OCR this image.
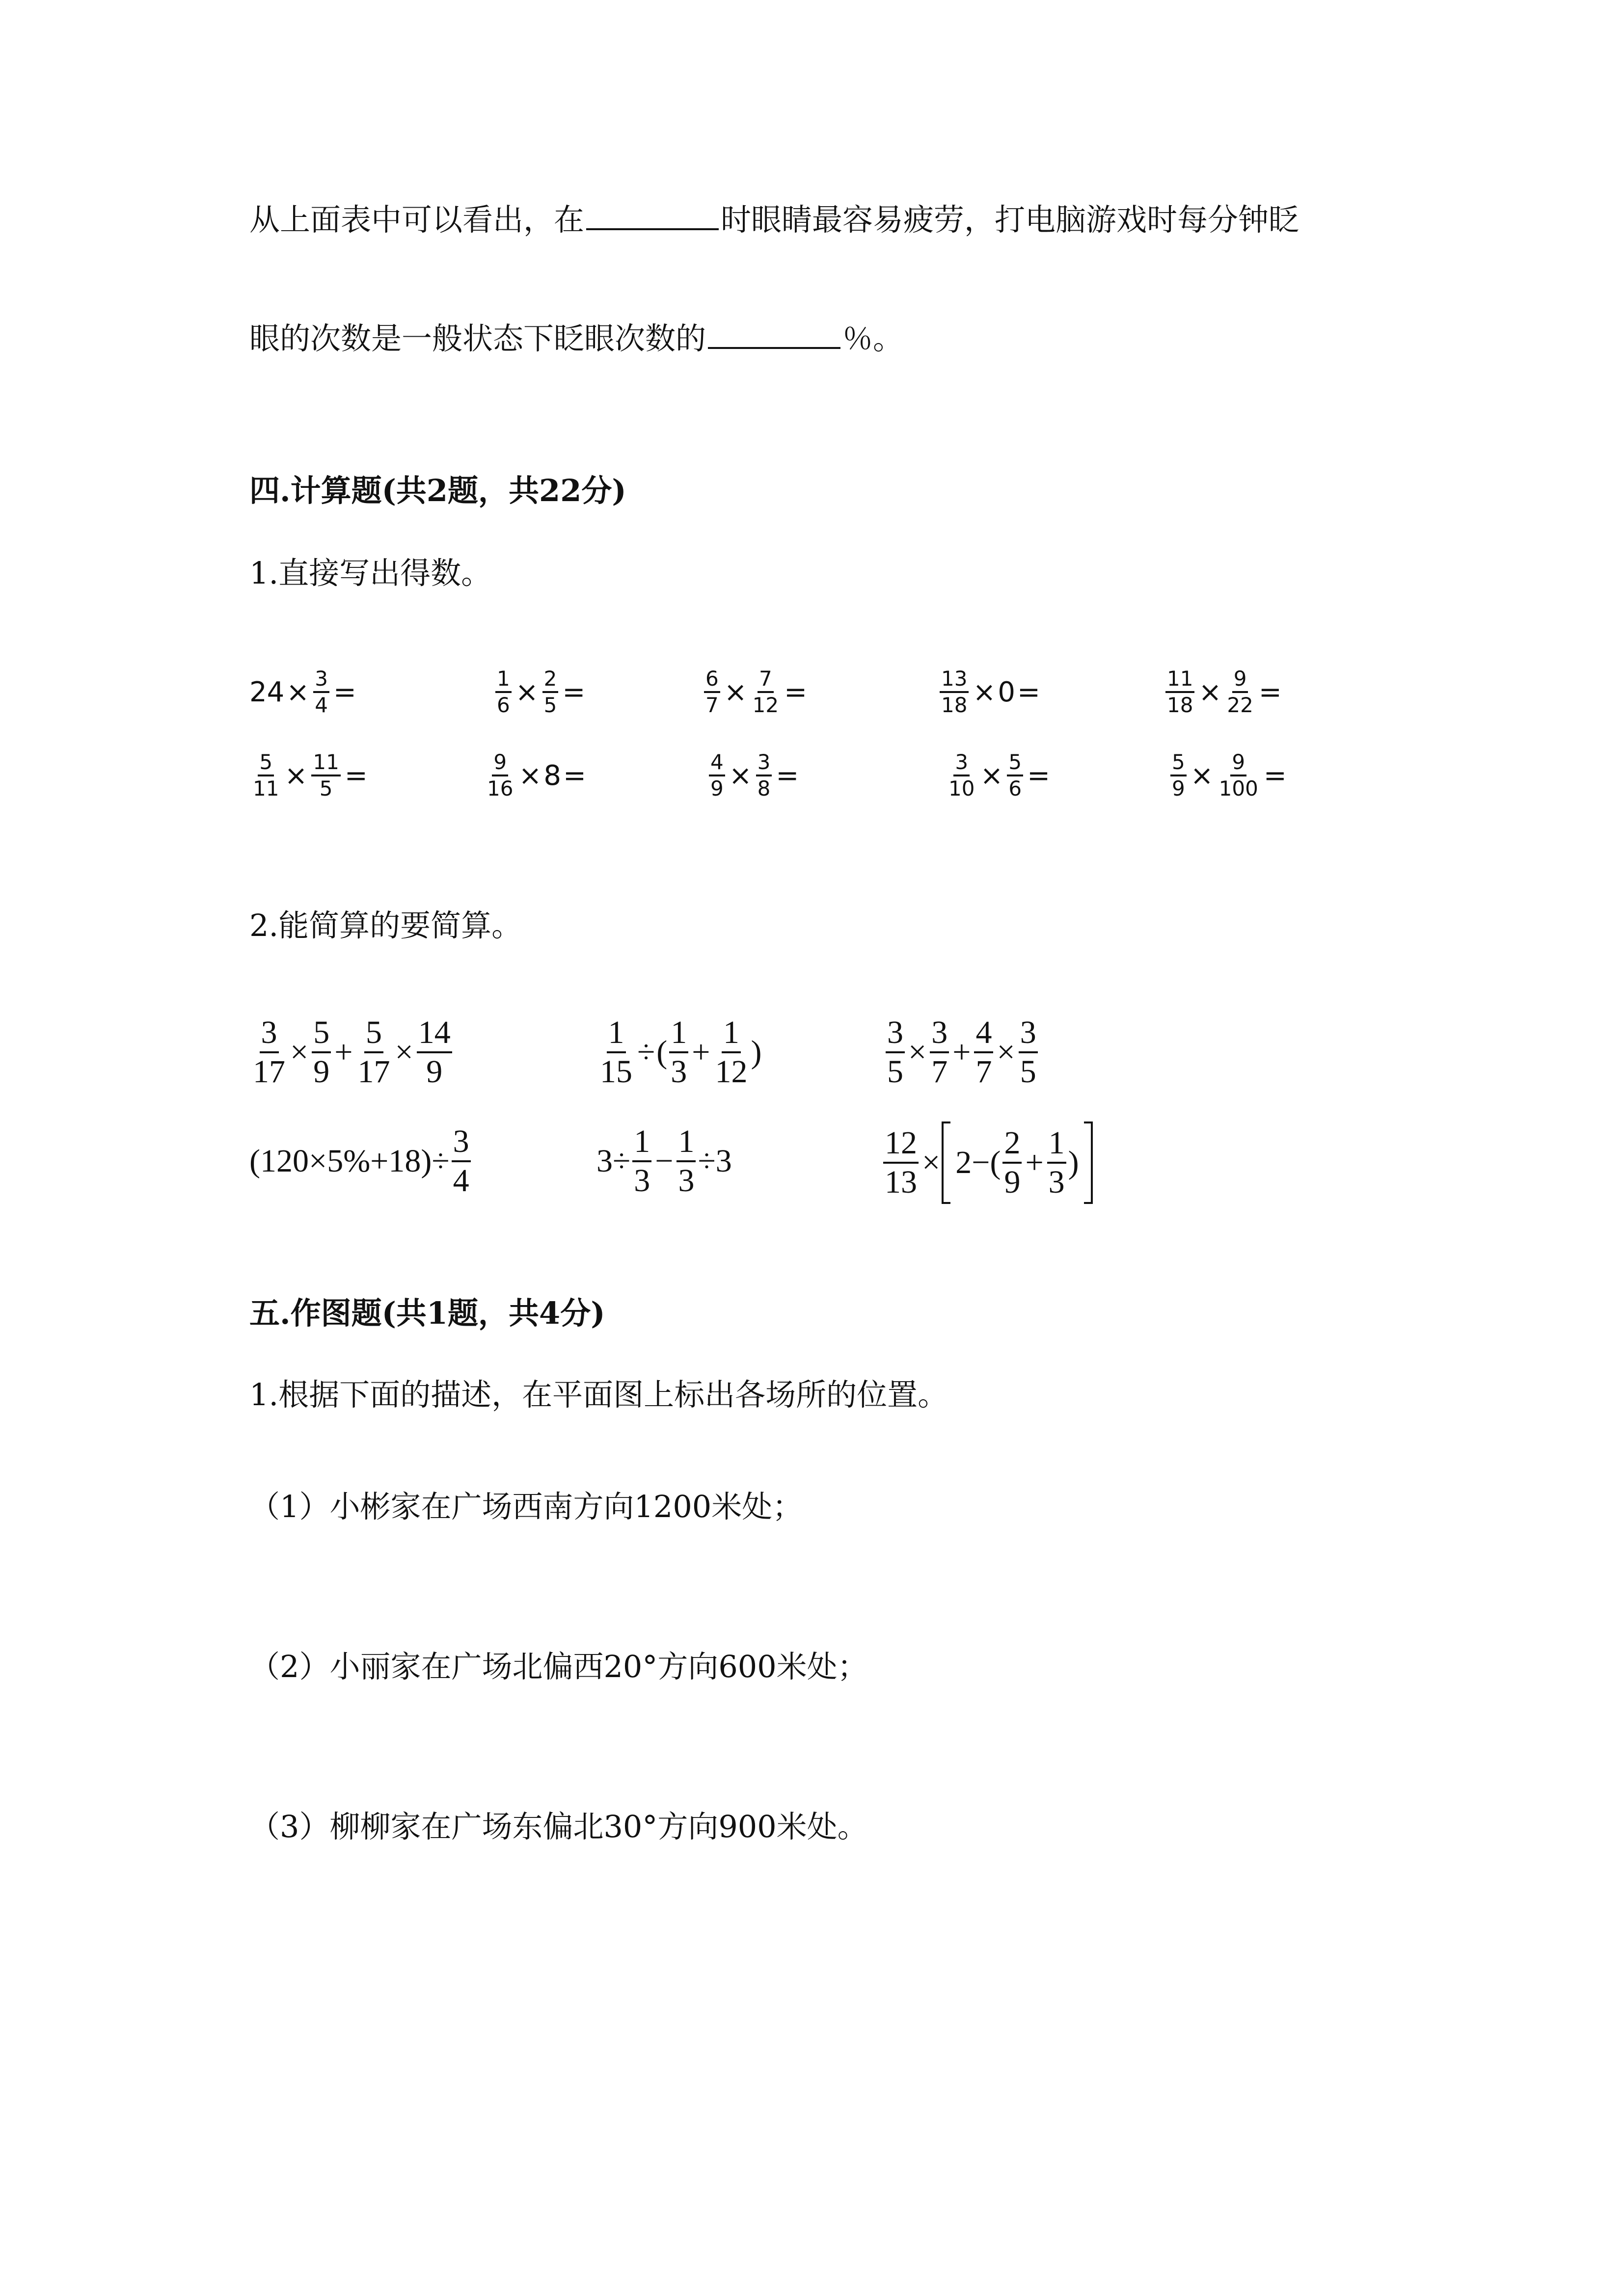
从上面表中可以看出，在	时眼睛最容易疲劳，打电脑游戏时每分钟眨
眼的次数是一般状态下眨眼次数的	％。
四.计算题(共2题，共22分)
1.直接写出得数。
$24 \times \frac{3}{4}$ =	$\frac{1}{6} \times \frac{2}{5}$ =	$\frac{6}{7} \times \frac{7}{12}$ =	$\frac{13}{18} \times 0$ =	$\frac{11}{18} \times \frac{9}{22}$ =
$\frac{5}{11} \times \frac{11}{5}$ =	$\frac{9}{16} \times 8$ =	$\frac{4}{9} \times \frac{3}{8}$ =	$\frac{3}{10} \times \frac{5}{6}$ =	$\frac{5}{9} \times \frac{9}{100}$ =
2.能简算的要简算。
$\frac{3}{17} \times \frac{5}{9} + \frac{5}{17} \times \frac{14}{9}$	$\frac{1}{15}$ ÷ ( $\frac{1}{3} + \frac{1}{12}$ )	$\frac{3}{5} \times \frac{3}{7} + \frac{4}{7} \times \frac{3}{5}$
$(120\times 5\%+18)\div \frac{3}{4}$	$3\div \frac{1}{3} - \frac{1}{3} \div 3$	$\frac{12}{13} \times 2-( \frac{2}{9} + \frac{1}{3}$ )
五.作图题(共1题，共4分)
1.根据下面的描述，在平面图上标出各场所的位置。
（1）小彬家在广场西南方向1200米处；
（2）小丽家在广场北偏西20°方向600米处；
（3）柳柳家在广场东偏北30°方向900米处。
